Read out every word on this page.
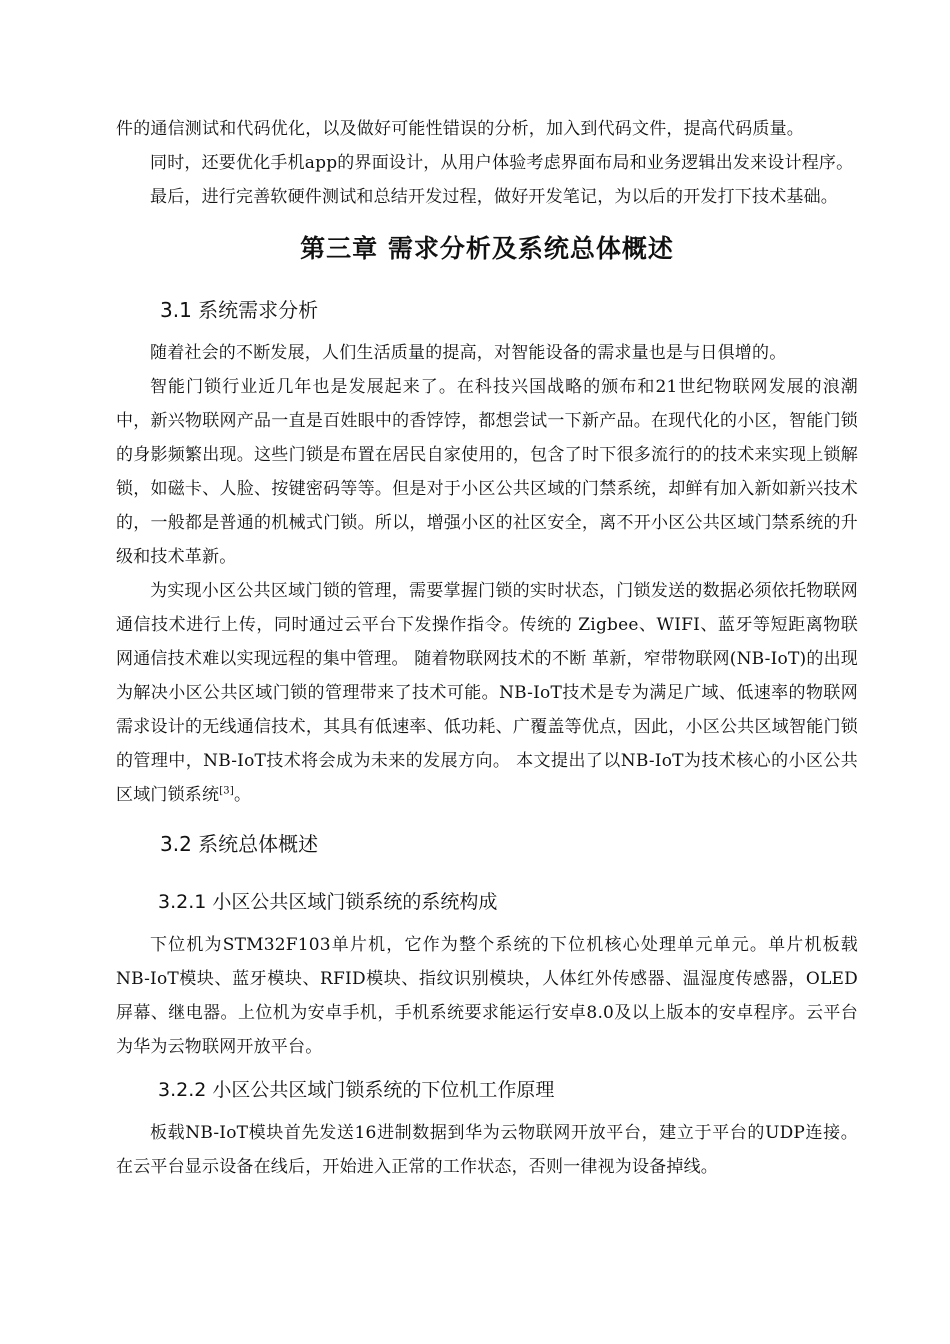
件的通信测试和代码优化，以及做好可能性错误的分析，加入到代码文件，提高代码质量。

同时，还要优化手机app的界面设计，从用户体验考虑界面布局和业务逻辑出发来设计程序。

最后，进行完善软硬件测试和总结开发过程，做好开发笔记，为以后的开发打下技术基础。

第三章 需求分析及系统总体概述
3.1 系统需求分析

随着社会的不断发展，人们生活质量的提高，对智能设备的需求量也是与日俱增的。

智能门锁行业近几年也是发展起来了。在科技兴国战略的颁布和21世纪物联网发展的浪潮中，新兴物联网产品一直是百姓眼中的香饽饽，都想尝试一下新产品。在现代化的小区，智能门锁的身影频繁出现。这些门锁是布置在居民自家使用的，包含了时下很多流行的的技术来实现上锁解锁，如磁卡、人脸、按键密码等等。但是对于小区公共区域的门禁系统，却鲜有加入新如新兴技术的，一般都是普通的机械式门锁。所以，增强小区的社区安全，离不开小区公共区域门禁系统的升级和技术革新。

为实现小区公共区域门锁的管理，需要掌握门锁的实时状态，门锁发送的数据必须依托物联网通信技术进行上传，同时通过云平台下发操作指令。传统的 Zigbee、WIFI、蓝牙等短距离物联网通信技术难以实现远程的集中管理。 随着物联网技术的不断 革新，窄带物联网(NB-IoT)的出现为解决小区公共区域门锁的管理带来了技术可能。NB-IoT技术是专为满足广域、低速率的物联网需求设计的无线通信技术，其具有低速率、低功耗、广覆盖等优点，因此，小区公共区域智能门锁的管理中，NB-IoT技术将会成为未来的发展方向。 本文提出了以NB-IoT为技术核心的小区公共区域门锁系统[3]。

3.2 系统总体概述
3.2.1 小区公共区域门锁系统的系统构成

下位机为STM32F103单片机，它作为整个系统的下位机核心处理单元单元。单片机板载NB-IoT模块、蓝牙模块、RFID模块、指纹识别模块，人体红外传感器、温湿度传感器，OLED屏幕、继电器。上位机为安卓手机，手机系统要求能运行安卓8.0及以上版本的安卓程序。云平台为华为云物联网开放平台。

3.2.2 小区公共区域门锁系统的下位机工作原理

板载NB-IoT模块首先发送16进制数据到华为云物联网开放平台，建立于平台的UDP连接。在云平台显示设备在线后，开始进入正常的工作状态，否则一律视为设备掉线。
